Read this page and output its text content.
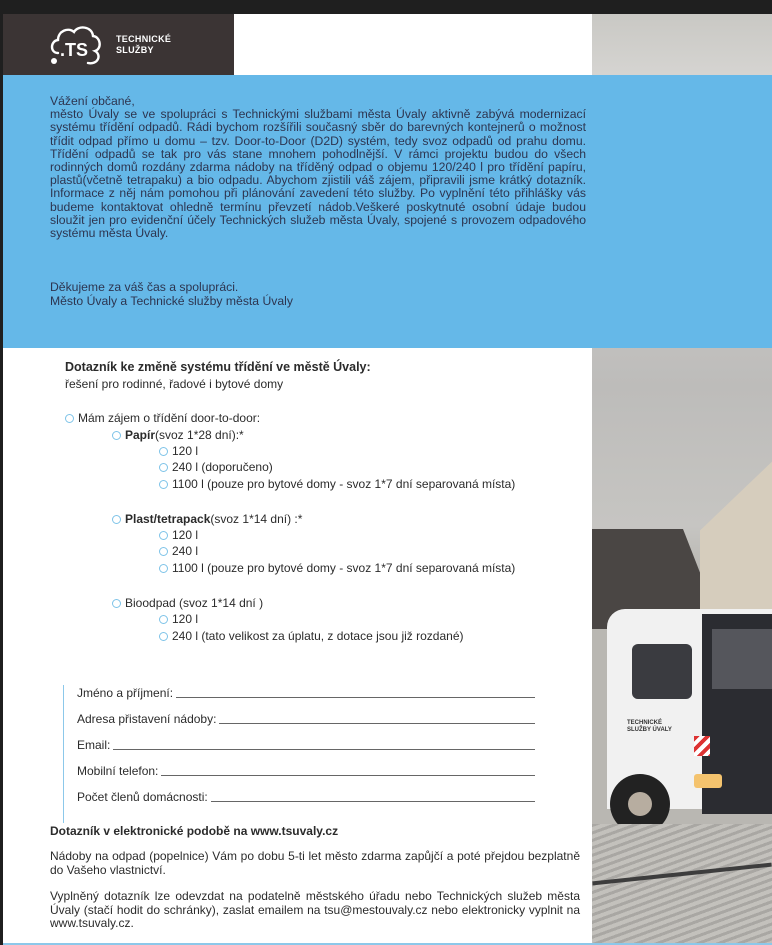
TECHNICKÉ
SLUŽBY ÚVALY
.TS
TECHNICKÉ
SLUŽBY

Vážení občané,

město Úvaly se ve spolupráci s Technickými službami města Úvaly aktivně zabývá modernizací systému třídění odpadů. Rádi bychom rozšířili současný sběr do barevných kontejnerů o možnost třídit odpad přímo u domu – tzv. Door-to-Door (D2D) systém, tedy svoz odpadů od prahu domu. Třídění odpadů se tak pro vás stane mnohem pohodlnější. V rámci projektu budou do všech rodinných domů rozdány zdarma nádoby na tříděný odpad o objemu 120/240 l pro třídění papíru, plastů(včetně tetrapaku) a bio odpadu. Abychom zjistili váš zájem, připravili jsme krátký dotazník. Informace z něj nám pomohou při plánování zavedení této služby. Po vyplnění této přihlášky vás budeme kontaktovat ohledně termínu převzetí nádob.Veškeré poskytnuté osobní údaje budou sloužit jen pro evidenční účely Technických služeb města Úvaly, spojené s provozem odpadového systému města Úvaly.

Děkujeme za váš čas a spolupráci.

Město Úvaly a Technické služby města Úvaly

Dotazník ke změně systému třídění ve městě Úvaly:
řešení pro rodinné, řadové i bytové domy
Mám zájem o třídění door-to-door:
Papír (svoz 1*28 dní):*
120 l
240 l (doporučeno)
1100 l (pouze pro bytové domy - svoz 1*7 dní separovaná místa)
Plast/tetrapack (svoz 1*14 dní) :*
120 l
240 l
1100 l (pouze pro bytové domy - svoz 1*7 dní separovaná místa)
Bioodpad (svoz 1*14 dní )
120 l
240 l (tato velikost za úplatu, z dotace jsou již rozdané)
Jméno a příjmení:
Adresa přistavení nádoby:
Email:
Mobilní telefon:
Počet členů domácnosti:
Dotazník v elektronické podobě na www.tsuvaly.cz
Nádoby na odpad (popelnice) Vám po dobu 5-ti let město zdarma zapůjčí a poté přejdou bezplatně do Vašeho vlastnictví.
Vyplněný dotazník lze odevzdat na podatelně městského úřadu nebo Technických služeb města Úvaly (stačí hodit do schránky), zaslat emailem na tsu@mestouvaly.cz nebo elektronicky vyplnit na www.tsuvaly.cz.
